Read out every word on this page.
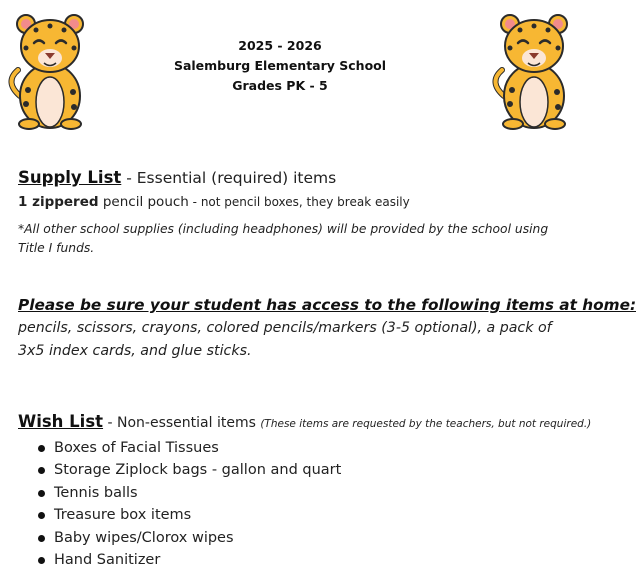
2025 - 2026
Salemburg Elementary School
Grades PK - 5
Supply List - Essential (required) items
1 zippered pencil pouch - not pencil boxes, they break easily
*All other school supplies (including headphones) will be provided by the school using Title I funds.
Please be sure your student has access to the following items at home:
pencils, scissors, crayons, colored pencils/markers (3-5 optional), a pack of 3x5 index cards, and glue sticks.
Wish List - Non-essential items (These items are requested by the teachers, but not required.)
Boxes of Facial Tissues
Storage Ziplock bags - gallon and quart
Tennis balls
Treasure box items
Baby wipes/Clorox wipes
Hand Sanitizer
